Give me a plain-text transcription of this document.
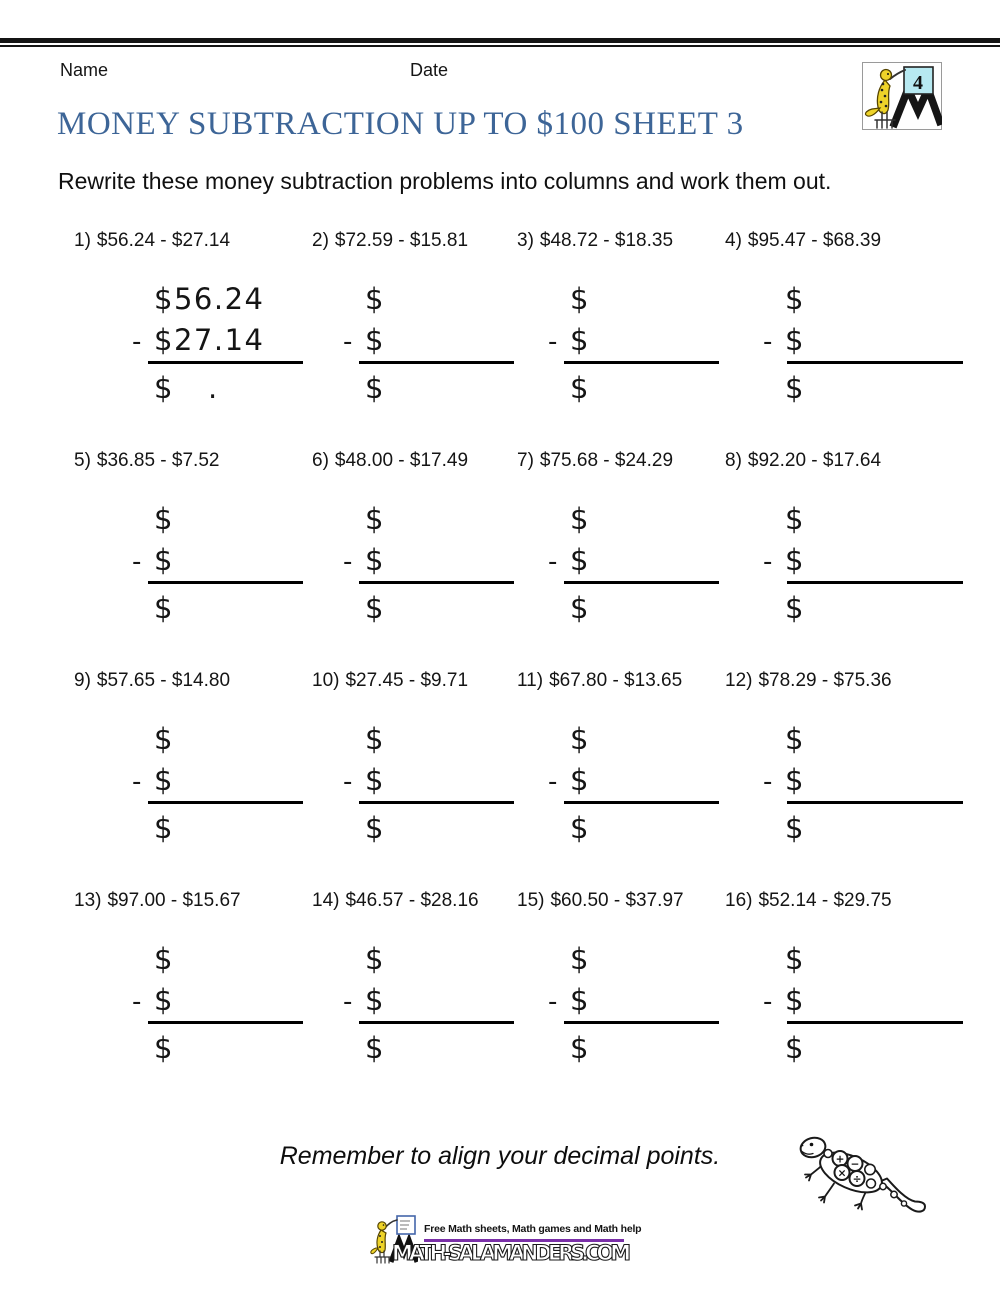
Name	Date
4
MONEY SUBTRACTION UP TO $100 SHEET 3
Rewrite these money subtraction problems into columns and work them out.
1) $56.24 - $27.14
$56.24
- $27.14
$ .
2) $72.59 - $15.81
$
- $
$
3) $48.72 - $18.35
$
- $
$
4) $95.47 - $68.39
$
- $
$
5) $36.85 - $7.52
$
- $
$
6) $48.00 - $17.49
$
- $
$
7) $75.68 - $24.29
$
- $
$
8) $92.20 - $17.64
$
- $
$
9) $57.65 - $14.80
$
- $
$
10) $27.45 - $9.71
$
- $
$
11) $67.80 - $13.65
$
- $
$
12) $78.29 - $75.36
$
- $
$
13) $97.00 - $15.67
$
- $
$
14) $46.57 - $28.16
$
- $
$
15) $60.50 - $37.97
$
- $
$
16) $52.14 - $29.75
$
- $
$
Remember to align your decimal points.	+ −
× ÷
Free Math sheets, Math games and Math help
MATH-SALAMANDERS.COM
